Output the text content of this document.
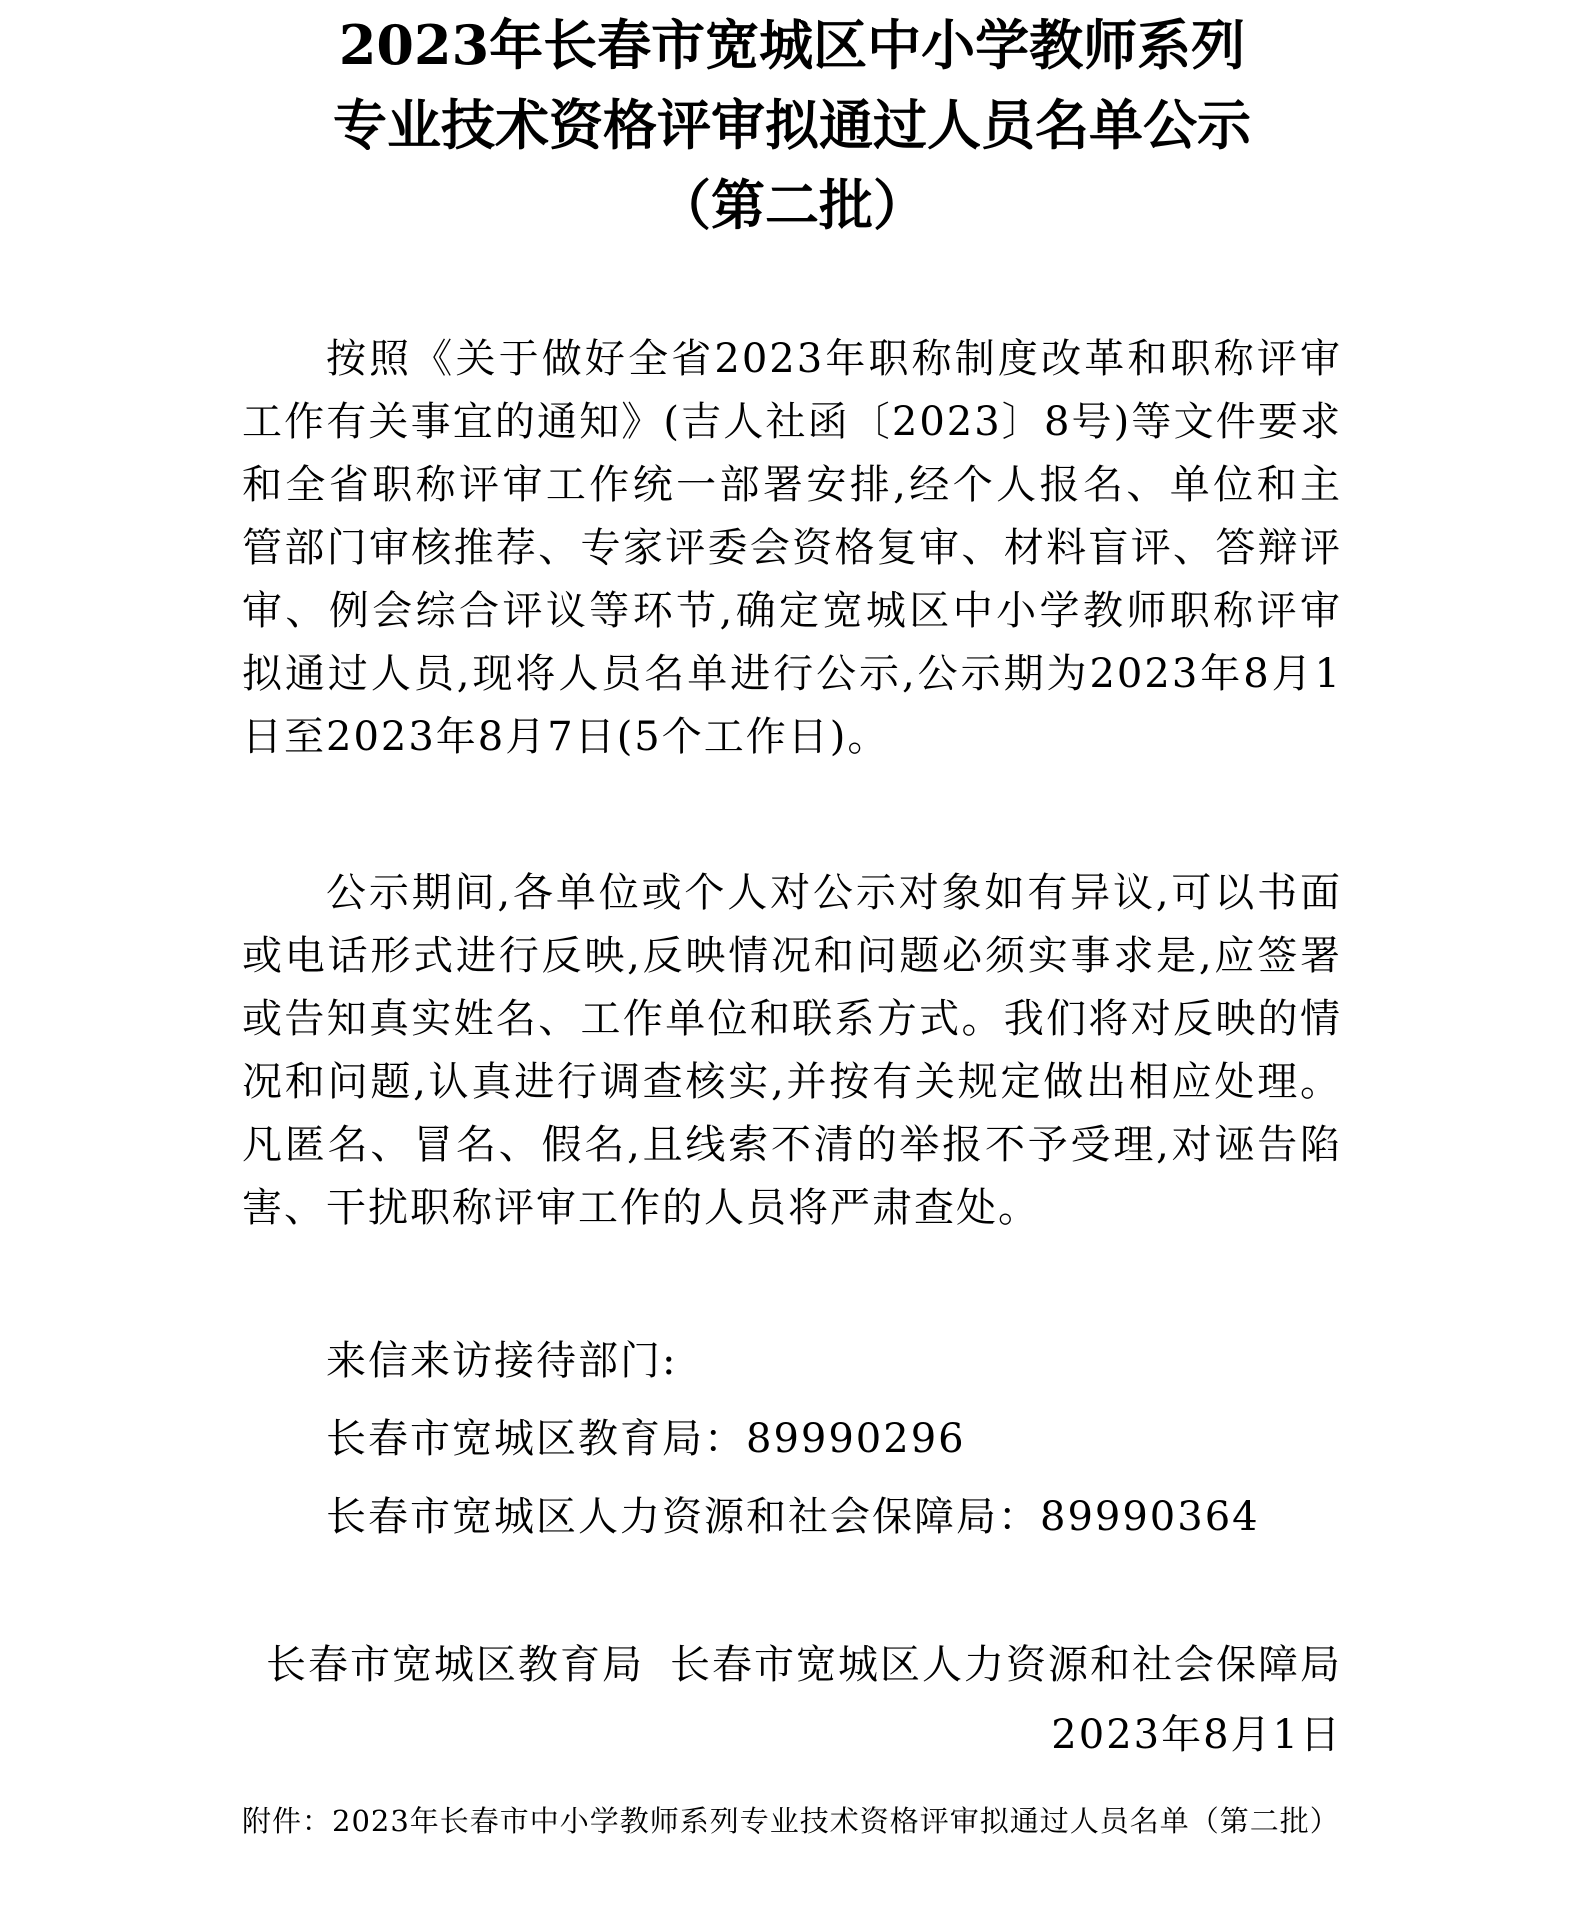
2023年长春市宽城区中小学教师系列
专业技术资格评审拟通过人员名单公示
（第二批）

按照《关于做好全省2023年职称制度改革和职称评审工作有关事宜的通知》(吉人社函〔2023〕8号)等文件要求和全省职称评审工作统一部署安排,经个人报名、单位和主管部门审核推荐、专家评委会资格复审、材料盲评、答辩评审、例会综合评议等环节,确定宽城区中小学教师职称评审拟通过人员,现将人员名单进行公示,公示期为2023年8月1日至2023年8月7日(5个工作日)。

公示期间,各单位或个人对公示对象如有异议,可以书面或电话形式进行反映,反映情况和问题必须实事求是,应签署或告知真实姓名、工作单位和联系方式。我们将对反映的情况和问题,认真进行调查核实,并按有关规定做出相应处理。凡匿名、冒名、假名,且线索不清的举报不予受理,对诬告陷害、干扰职称评审工作的人员将严肃查处。

来信来访接待部门:

长春市宽城区教育局：89990296

长春市宽城区人力资源和社会保障局：89990364

长春市宽城区教育局 长春市宽城区人力资源和社会保障局
2023年8月1日

附件：2023年长春市中小学教师系列专业技术资格评审拟通过人员名单（第二批）
